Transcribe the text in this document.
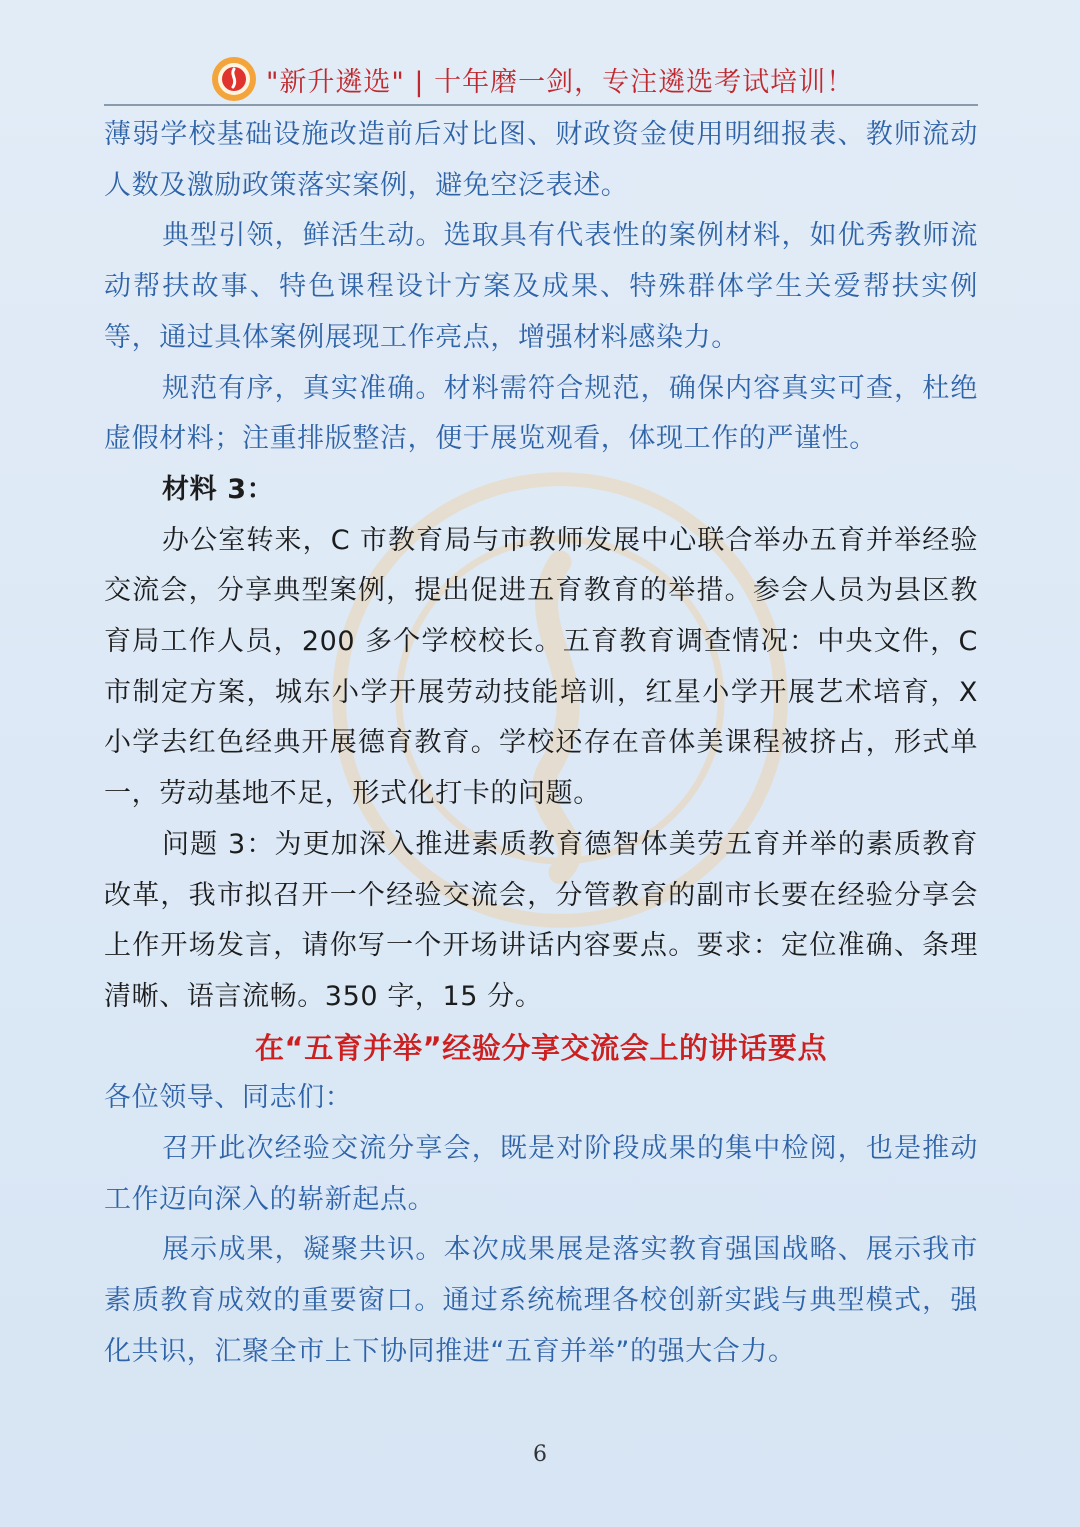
"新升遴选" | 十年磨一剑，专注遴选考试培训！

薄弱学校基础设施改造前后对比图、财政资金使用明细报表、教师流动人数及激励政策落实案例，避免空泛表述。

典型引领，鲜活生动。选取具有代表性的案例材料，如优秀教师流动帮扶故事、特色课程设计方案及成果、特殊群体学生关爱帮扶实例等，通过具体案例展现工作亮点，增强材料感染力。

规范有序，真实准确。材料需符合规范，确保内容真实可查，杜绝虚假材料；注重排版整洁，便于展览观看，体现工作的严谨性。

材料 3：

办公室转来，C 市教育局与市教师发展中心联合举办五育并举经验交流会，分享典型案例，提出促进五育教育的举措。参会人员为县区教育局工作人员，200 多个学校校长。五育教育调查情况：中央文件，C 市制定方案，城东小学开展劳动技能培训，红星小学开展艺术培育，X 小学去红色经典开展德育教育。学校还存在音体美课程被挤占，形式单一，劳动基地不足，形式化打卡的问题。

问题 3：为更加深入推进素质教育德智体美劳五育并举的素质教育改革，我市拟召开一个经验交流会，分管教育的副市长要在经验分享会上作开场发言，请你写一个开场讲话内容要点。要求：定位准确、条理清晰、语言流畅。350 字，15 分。

在“五育并举”经验分享交流会上的讲话要点

各位领导、同志们：

召开此次经验交流分享会，既是对阶段成果的集中检阅，也是推动工作迈向深入的崭新起点。

展示成果，凝聚共识。本次成果展是落实教育强国战略、展示我市素质教育成效的重要窗口。通过系统梳理各校创新实践与典型模式，强化共识，汇聚全市上下协同推进“五育并举”的强大合力。

6
